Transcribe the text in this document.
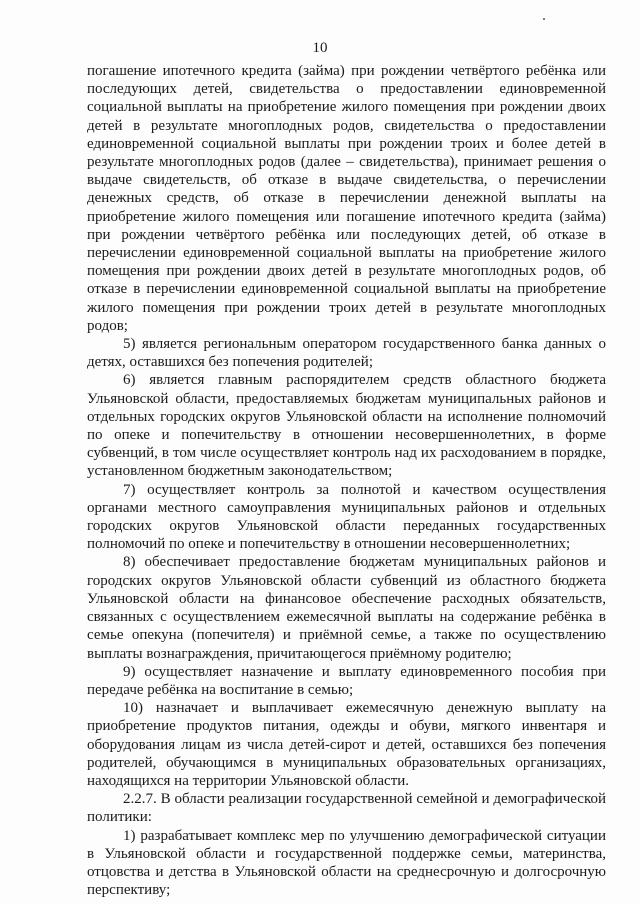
10

погашение ипотечного кредита (займа) при рождении четвёртого ребёнка или последующих детей, свидетельства о предоставлении единовременной социальной выплаты на приобретение жилого помещения при рождении двоих детей в результате многоплодных родов, свидетельства о предоставлении единовременной социальной выплаты при рождении троих и более детей в результате многоплодных родов (далее – свидетельства), принимает решения о выдаче свидетельств, об отказе в выдаче свидетельства, о перечислении денежных средств, об отказе в перечислении денежной выплаты на приобретение жилого помещения или погашение ипотечного кредита (займа) при рождении четвёртого ребёнка или последующих детей, об отказе в перечислении единовременной социальной выплаты на приобретение жилого помещения при рождении двоих детей в результате многоплодных родов, об отказе в перечислении единовременной социальной выплаты на приобретение жилого помещения при рождении троих детей в результате многоплодных родов;

5) является региональным оператором государственного банка данных о детях, оставшихся без попечения родителей;

6) является главным распорядителем средств областного бюджета Ульяновской области, предоставляемых бюджетам муниципальных районов и отдельных городских округов Ульяновской области на исполнение полномочий по опеке и попечительству в отношении несовершеннолетних, в форме субвенций, в том числе осуществляет контроль над их расходованием в порядке, установленном бюджетным законодательством;

7) осуществляет контроль за полнотой и качеством осуществления органами местного самоуправления муниципальных районов и отдельных городских округов Ульяновской области переданных государственных полномочий по опеке и попечительству в отношении несовершеннолетних;

8) обеспечивает предоставление бюджетам муниципальных районов и городских округов Ульяновской области субвенций из областного бюджета Ульяновской области на финансовое обеспечение расходных обязательств, связанных с осуществлением ежемесячной выплаты на содержание ребёнка в семье опекуна (попечителя) и приёмной семье, а также по осуществлению выплаты вознаграждения, причитающегося приёмному родителю;

9) осуществляет назначение и выплату единовременного пособия при передаче ребёнка на воспитание в семью;

10) назначает и выплачивает ежемесячную денежную выплату на приобретение продуктов питания, одежды и обуви, мягкого инвентаря и оборудования лицам из числа детей-сирот и детей, оставшихся без попечения родителей, обучающимся в муниципальных образовательных организациях, находящихся на территории Ульяновской области.

2.2.7. В области реализации государственной семейной и демографической политики:

1) разрабатывает комплекс мер по улучшению демографической ситуации в Ульяновской области и государственной поддержке семьи, материнства, отцовства и детства в Ульяновской области на среднесрочную и долгосрочную перспективу;
